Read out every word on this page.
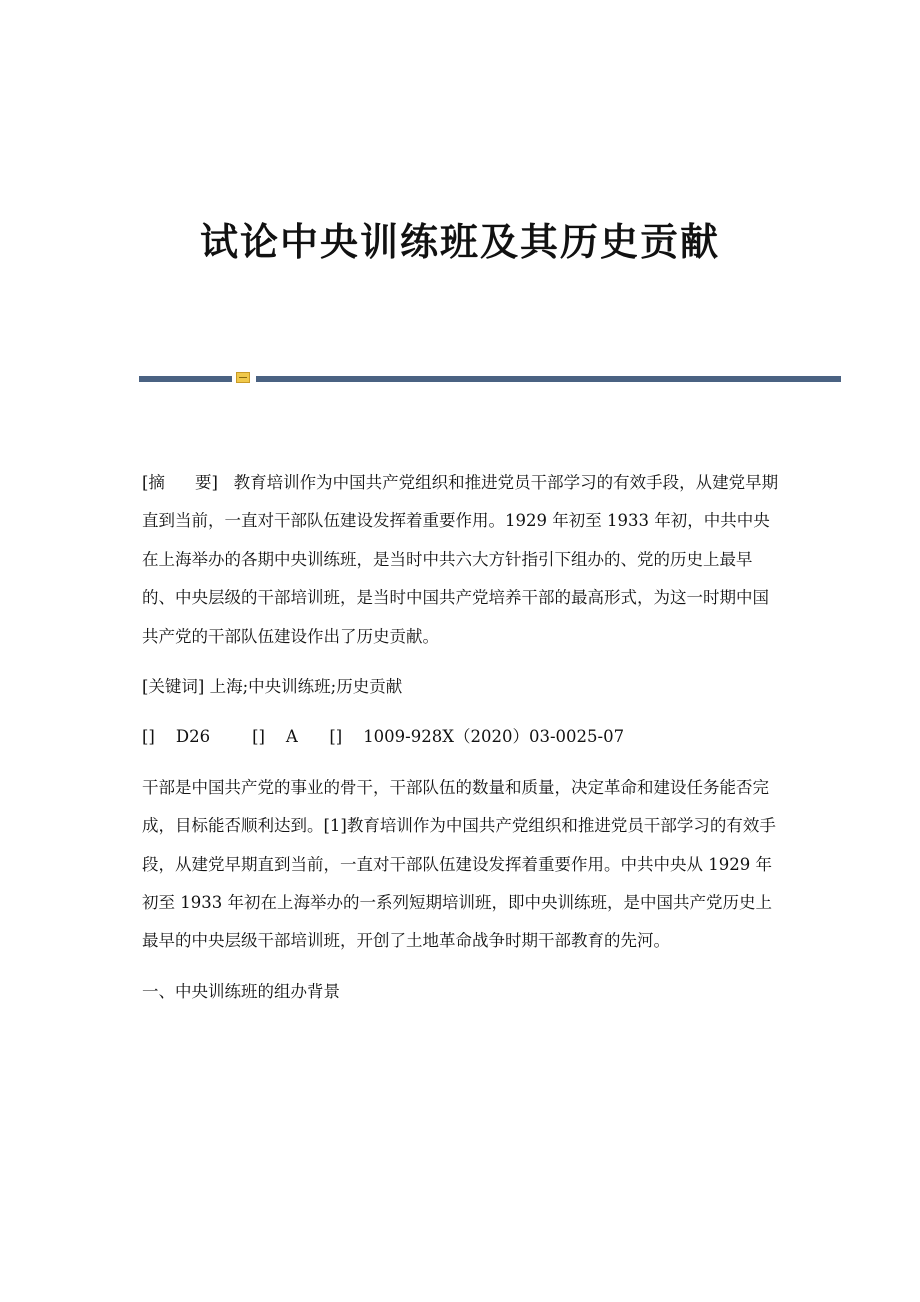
试论中央训练班及其历史贡献

[摘 要] 教育培训作为中国共产党组织和推进党员干部学习的有效手段，从建党早期直到当前，一直对干部队伍建设发挥着重要作用。1929 年初至 1933 年初，中共中央在上海举办的各期中央训练班，是当时中共六大方针指引下组办的、党的历史上最早的、中央层级的干部培训班，是当时中国共产党培养干部的最高形式，为这一时期中国共产党的干部队伍建设作出了历史贡献。

[关键词] 上海;中央训练班;历史贡献

[] D26	[] A [] 1009-928X（2020）03-0025-07

干部是中国共产党的事业的骨干，干部队伍的数量和质量，决定革命和建设任务能否完成，目标能否顺利达到。[1]教育培训作为中国共产党组织和推进党员干部学习的有效手段，从建党早期直到当前，一直对干部队伍建设发挥着重要作用。中共中央从 1929 年初至 1933 年初在上海举办的一系列短期培训班，即中央训练班，是中国共产党历史上最早的中央层级干部培训班，开创了土地革命战争时期干部教育的先河。

一、中央训练班的组办背景
